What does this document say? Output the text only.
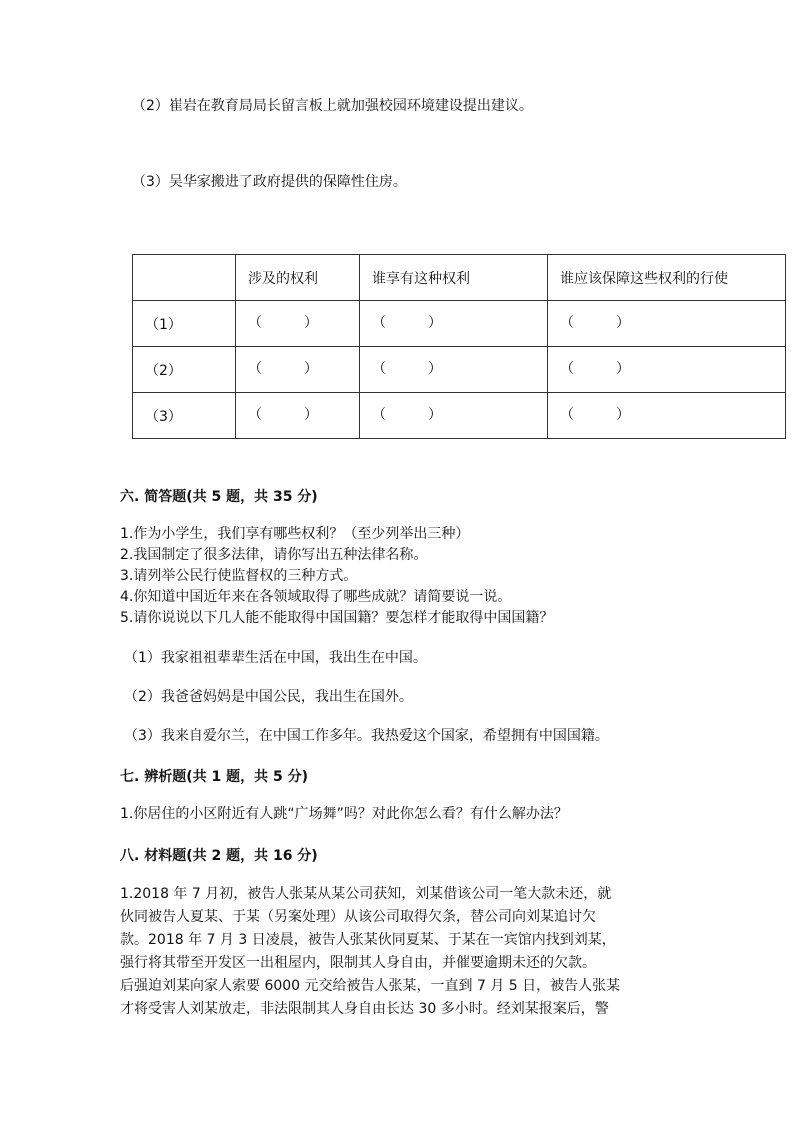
（2）崔岩在教育局局长留言板上就加强校园环境建设提出建议。
（3）吴华家搬进了政府提供的保障性住房。
	涉及的权利	谁享有这种权利	谁应该保障这些权利的行使
（1）	（ ）	（ ）	（ ）

（2）	（ ）	（ ）	（ ）

（3）	（ ）	（ ）	（ ）
六. 简答题(共 5 题，共 35 分)
1.作为小学生，我们享有哪些权利？（至少列举出三种）
2.我国制定了很多法律，请你写出五种法律名称。
3.请列举公民行使监督权的三种方式。
4.你知道中国近年来在各领域取得了哪些成就？请简要说一说。
5.请你说说以下几人能不能取得中国国籍？要怎样才能取得中国国籍？
（1）我家祖祖辈辈生活在中国，我出生在中国。
（2）我爸爸妈妈是中国公民，我出生在国外。
（3）我来自爱尔兰，在中国工作多年。我热爱这个国家，希望拥有中国国籍。
七. 辨析题(共 1 题，共 5 分)
1.你居住的小区附近有人跳“广场舞”吗？对此你怎么看？有什么解办法？
八. 材料题(共 2 题，共 16 分)
1.2018 年 7 月初，被告人张某从某公司获知，刘某借该公司一笔大款未还，就
伙同被告人夏某、于某（另案处理）从该公司取得欠条，替公司向刘某追讨欠
款。2018 年 7 月 3 日凌晨，被告人张某伙同夏某、于某在一宾馆内找到刘某，
强行将其带至开发区一出租屋内，限制其人身自由，并催要逾期未还的欠款。
后强迫刘某向家人索要 6000 元交给被告人张某，一直到 7 月 5 日，被告人张某
才将受害人刘某放走，非法限制其人身自由长达 30 多小时。经刘某报案后，警
